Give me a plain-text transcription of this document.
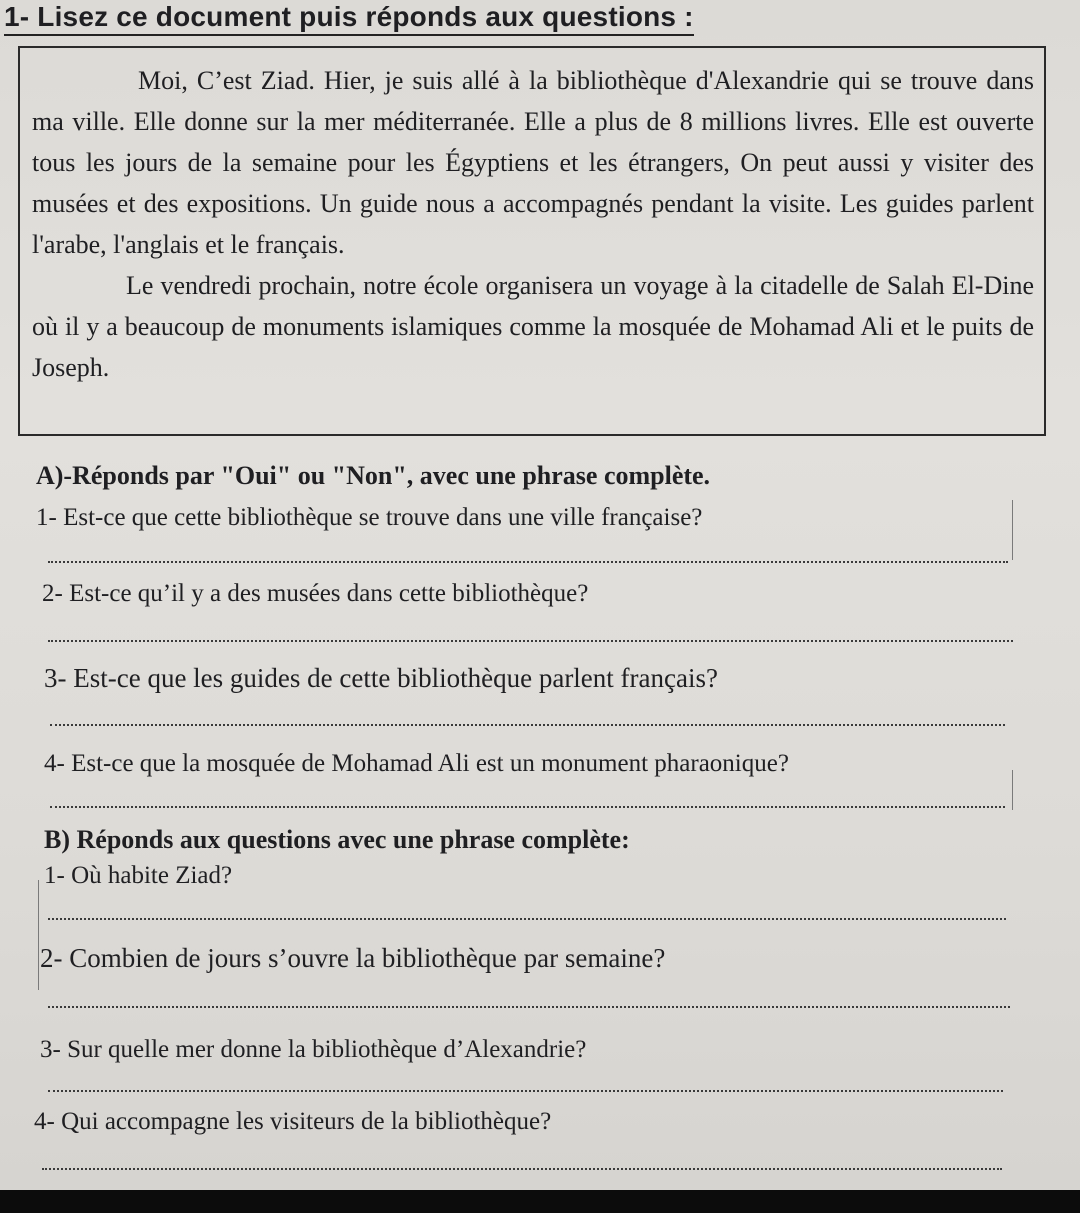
1- Lisez ce document puis réponds aux questions :

Moi, C’est Ziad. Hier, je suis allé à la bibliothèque d'Alexandrie qui se trouve dans ma ville. Elle donne sur la mer méditerranée. Elle a plus de 8 millions livres. Elle est ouverte tous les jours de la semaine pour les Égyptiens et les étrangers, On peut aussi y visiter des musées et des expositions. Un guide nous a accompagnés pendant la visite. Les guides parlent l'arabe, l'anglais et le français.

Le vendredi prochain, notre école organisera un voyage à la citadelle de Salah El-Dine où il y a beaucoup de monuments islamiques comme la mosquée de Mohamad Ali et le puits de Joseph.

A)-Réponds par "Oui" ou "Non", avec une phrase complète.
1- Est-ce que cette bibliothèque se trouve dans une ville française?
2- Est-ce qu’il y a des musées dans cette bibliothèque?
3- Est-ce que les guides de cette bibliothèque parlent français?
4- Est-ce que la mosquée de Mohamad Ali est un monument pharaonique?
B) Réponds aux questions avec une phrase complète:
1- Où habite Ziad?
2- Combien de jours s’ouvre la bibliothèque par semaine?
3- Sur quelle mer donne la bibliothèque d’Alexandrie?
4- Qui accompagne les visiteurs de la bibliothèque?
